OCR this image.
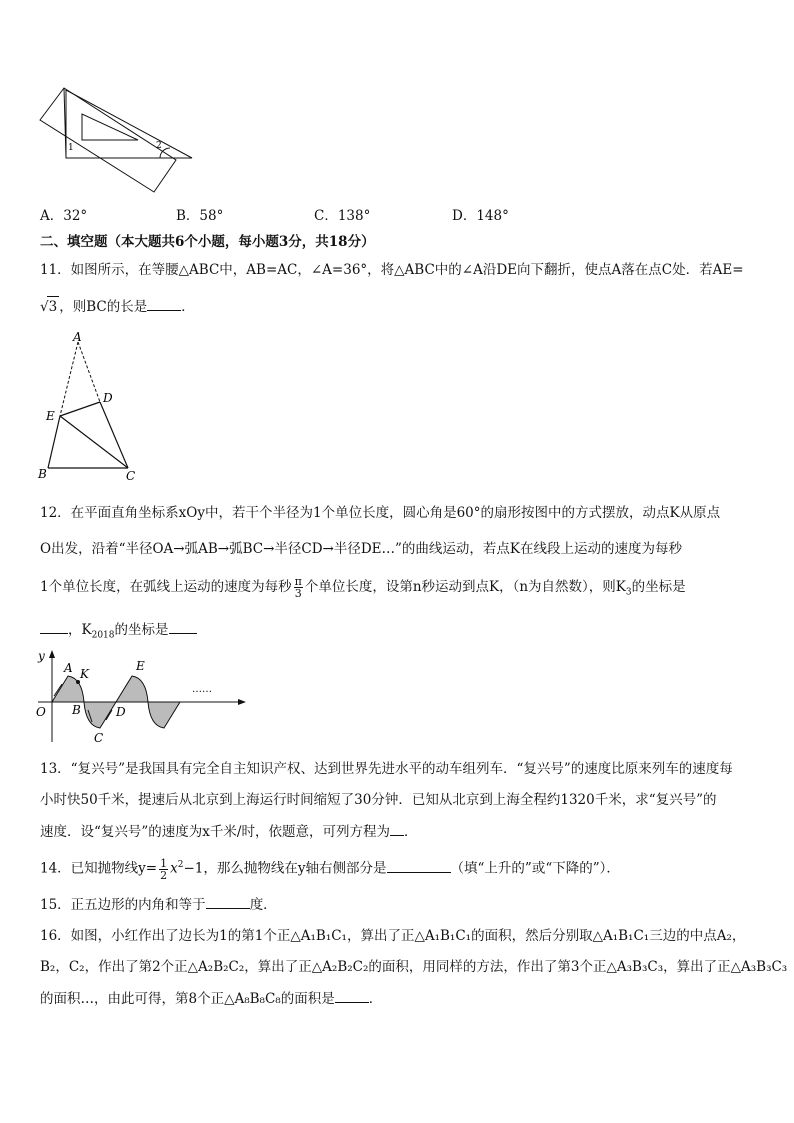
1	2
A．32°	B．58°	C．138°	D．148°
二、填空题（本大题共6个小题，每小题3分，共18分）
11．如图所示，在等腰△ABC中，AB=AC，∠A=36°，将△ABC中的∠A沿DE向下翻折，使点A落在点C处．若AE=
√3 ，则BC的长是	．
A
D
E
B	C
12．在平面直角坐标系xOy中，若干个半径为1个单位长度，圆心角是60°的扇形按图中的方式摆放，动点K从原点
O出发，沿着“半径OA→弧AB→弧BC→半径CD→半径DE…”的曲线运动，若点K在线段上运动的速度为每秒
1个单位长度，在弧线上运动的速度为每秒 $\frac{\pi}{3}$ 个单位长度，设第n秒运动到点K，（n为自然数），则$K_3$的坐标是
，$K_{2018}$的坐标是
y
O
A K
B
C
D
E
……
13．“复兴号”是我国具有完全自主知识产权、达到世界先进水平的动车组列车．“复兴号”的速度比原来列车的速度每
小时快50千米，提速后从北京到上海运行时间缩短了30分钟．已知从北京到上海全程约1320千米，求“复兴号”的
速度．设“复兴号”的速度为x千米/时，依题意，可列方程为 ．
14．已知抛物线$y= \frac{1}{2} x^2-1$，那么抛物线在y轴右侧部分是	（填“上升的”或“下降的”）．
15．正五边形的内角和等于	度．
16．如图，小红作出了边长为1的第1个正△A₁B₁C₁，算出了正△A₁B₁C₁的面积，然后分别取△A₁B₁C₁三边的中点A₂，
B₂，C₂，作出了第2个正△A₂B₂C₂，算出了正△A₂B₂C₂的面积，用同样的方法，作出了第3个正△A₃B₃C₃，算出了正△A₃B₃C₃
的面积…，由此可得，第8个正△A₈B₈C₈的面积是	．
